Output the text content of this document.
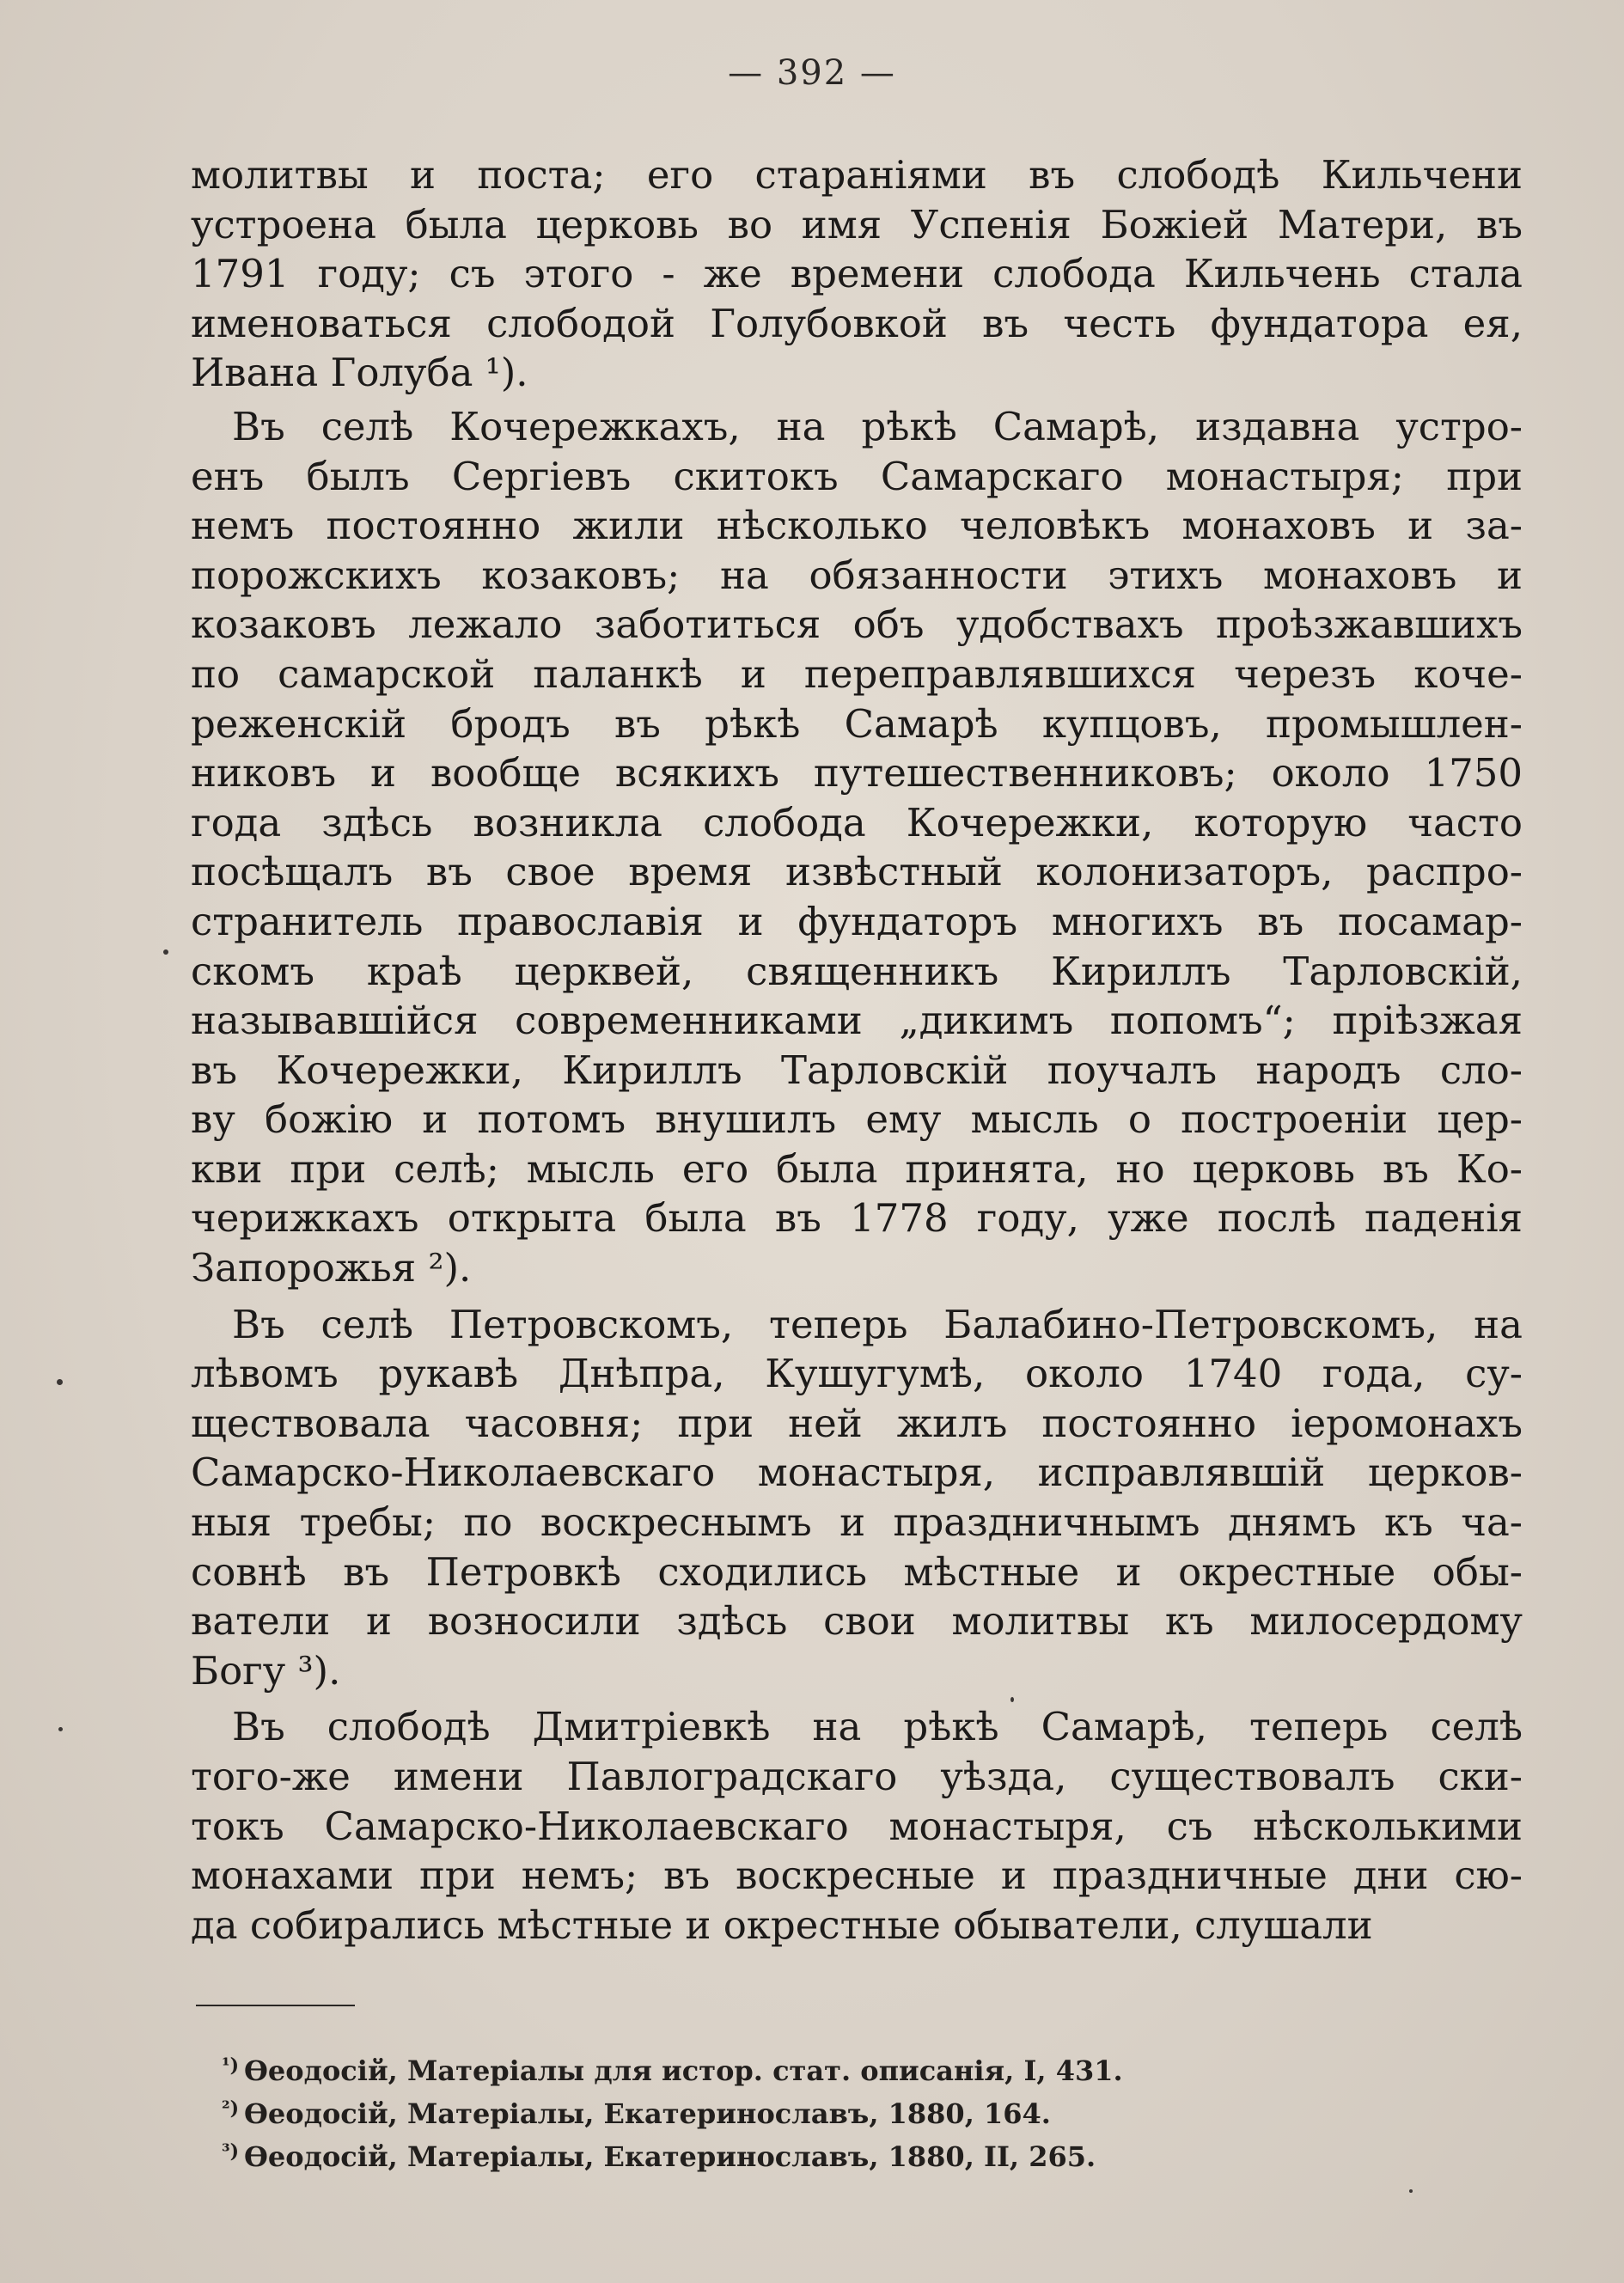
— 392 —

молитвы и поста; его стараніями въ слободѣ Кильчени
устроена была церковь во имя Успенія Божіей Матери, въ
1791 году; съ этого - же времени слобода Кильчень стала
именоваться слободой Голубовкой въ честь фундатора ея,
Ивана Голуба ¹).

Въ селѣ Кочережкахъ, на рѣкѣ Самарѣ, издавна устро-
енъ былъ Сергіевъ скитокъ Самарскаго монастыря; при
немъ постоянно жили нѣсколько человѣкъ монаховъ и за-
порожскихъ козаковъ; на обязанности этихъ монаховъ и
козаковъ лежало заботиться объ удобствахъ проѣзжавшихъ
по самарской паланкѣ и переправлявшихся черезъ коче-
реженскій бродъ въ рѣкѣ Самарѣ купцовъ, промышлен-
никовъ и вообще всякихъ путешественниковъ; около 1750
года здѣсь возникла слобода Кочережки, которую часто
посѣщалъ въ свое время извѣстный колонизаторъ, распро-
странитель православія и фундаторъ многихъ въ посамар-
скомъ краѣ церквей, священникъ Кириллъ Тарловскій,
называвшійся современниками „дикимъ попомъ“; пріѣзжая
въ Кочережки, Кириллъ Тарловскій поучалъ народъ сло-
ву божію и потомъ внушилъ ему мысль о построеніи цер-
кви при селѣ; мысль его была принята, но церковь въ Ко-
черижкахъ открыта была въ 1778 году, уже послѣ паденія
Запорожья ²).

Въ селѣ Петровскомъ, теперь Балабино-Петровскомъ, на
лѣвомъ рукавѣ Днѣпра, Кушугумѣ, около 1740 года, су-
ществовала часовня; при ней жилъ постоянно іеромонахъ
Самарско-Николаевскаго монастыря, исправлявшій церков-
ныя требы; по воскреснымъ и праздничнымъ днямъ къ ча-
совнѣ въ Петровкѣ сходились мѣстные и окрестные обы-
ватели и возносили здѣсь свои молитвы къ милосердому
Богу ³).

Въ слободѣ Дмитріевкѣ на рѣкѣ Самарѣ, теперь селѣ
того-же имени Павлоградскаго уѣзда, существовалъ ски-
токъ Самарско-Николаевскаго монастыря, съ нѣсколькими
монахами при немъ; въ воскресные и праздничные дни сю-
да собирались мѣстные и окрестные обыватели, слушали

$^{^1)}$ Ѳеодосій, Матеріалы для истор. стат. описанія, I, 431.
$^{^2)}$ Ѳеодосій, Матеріалы, Екатеринославъ, 1880, 164.
$^{^3)}$ Ѳеодосій, Матеріалы, Екатеринославъ, 1880, II, 265.
